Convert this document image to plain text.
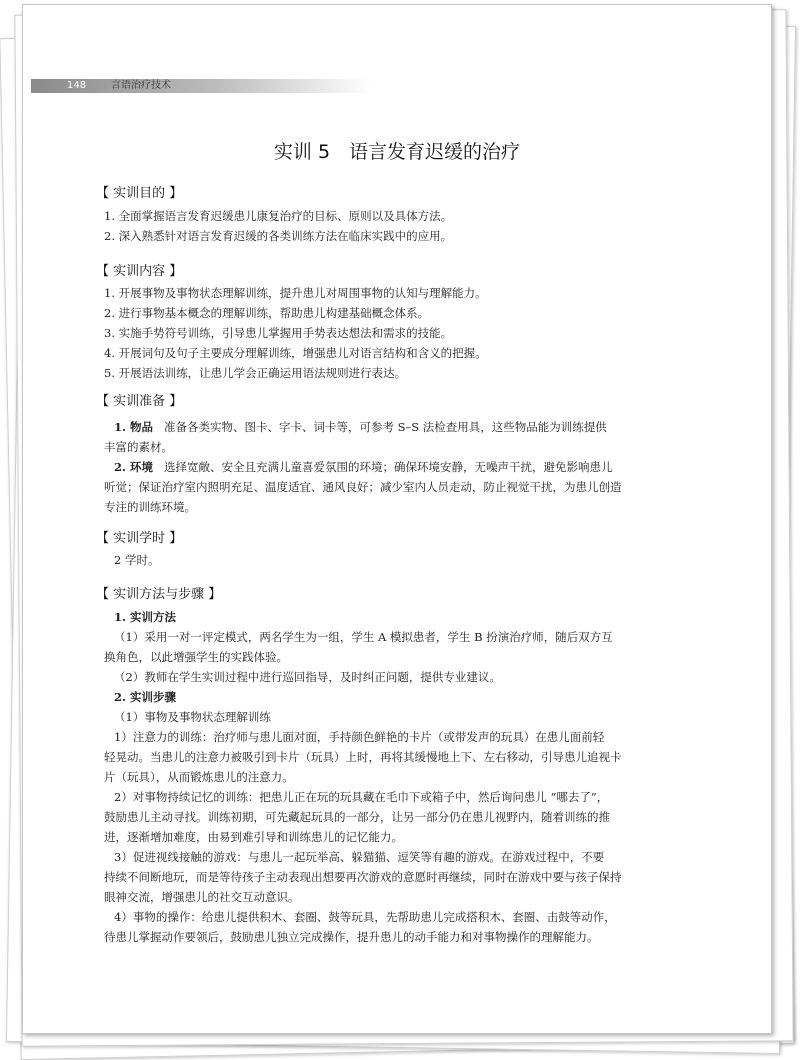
148 言语治疗技术
实训 5　语言发育迟缓的治疗
【 实训目的 】
1. 全面掌握语言发育迟缓患儿康复治疗的目标、原则以及具体方法。
2. 深入熟悉针对语言发育迟缓的各类训练方法在临床实践中的应用。
【 实训内容 】
1. 开展事物及事物状态理解训练，提升患儿对周围事物的认知与理解能力。
2. 进行事物基本概念的理解训练，帮助患儿构建基础概念体系。
3. 实施手势符号训练，引导患儿掌握用手势表达想法和需求的技能。
4. 开展词句及句子主要成分理解训练，增强患儿对语言结构和含义的把握。
5. 开展语法训练，让患儿学会正确运用语法规则进行表达。
【 实训准备 】
1. 物品 准备各类实物、图卡、字卡、词卡等，可参考 S–S 法检查用具，这些物品能为训练提供
丰富的素材。
2. 环境 选择宽敞、安全且充满儿童喜爱氛围的环境；确保环境安静，无噪声干扰，避免影响患儿
听觉；保证治疗室内照明充足、温度适宜、通风良好；减少室内人员走动，防止视觉干扰，为患儿创造
专注的训练环境。
【 实训学时 】
2 学时。
【 实训方法与步骤 】
1. 实训方法
（1）采用一对一评定模式，两名学生为一组，学生 A 模拟患者，学生 B 扮演治疗师，随后双方互
换角色，以此增强学生的实践体验。
（2）教师在学生实训过程中进行巡回指导，及时纠正问题，提供专业建议。
2. 实训步骤
（1）事物及事物状态理解训练
1）注意力的训练：治疗师与患儿面对面，手持颜色鲜艳的卡片（或带发声的玩具）在患儿面前轻
轻晃动。当患儿的注意力被吸引到卡片（玩具）上时，再将其缓慢地上下、左右移动，引导患儿追视卡
片（玩具），从而锻炼患儿的注意力。
2）对事物持续记忆的训练：把患儿正在玩的玩具藏在毛巾下或箱子中，然后询问患儿 “哪去了”，
鼓励患儿主动寻找。训练初期，可先藏起玩具的一部分，让另一部分仍在患儿视野内，随着训练的推
进，逐渐增加难度，由易到难引导和训练患儿的记忆能力。
3）促进视线接触的游戏：与患儿一起玩举高、躲猫猫、逗笑等有趣的游戏。在游戏过程中，不要
持续不间断地玩，而是等待孩子主动表现出想要再次游戏的意愿时再继续，同时在游戏中要与孩子保持
眼神交流，增强患儿的社交互动意识。
4）事物的操作：给患儿提供积木、套圈、鼓等玩具，先帮助患儿完成搭积木、套圈、击鼓等动作，
待患儿掌握动作要领后，鼓励患儿独立完成操作，提升患儿的动手能力和对事物操作的理解能力。
